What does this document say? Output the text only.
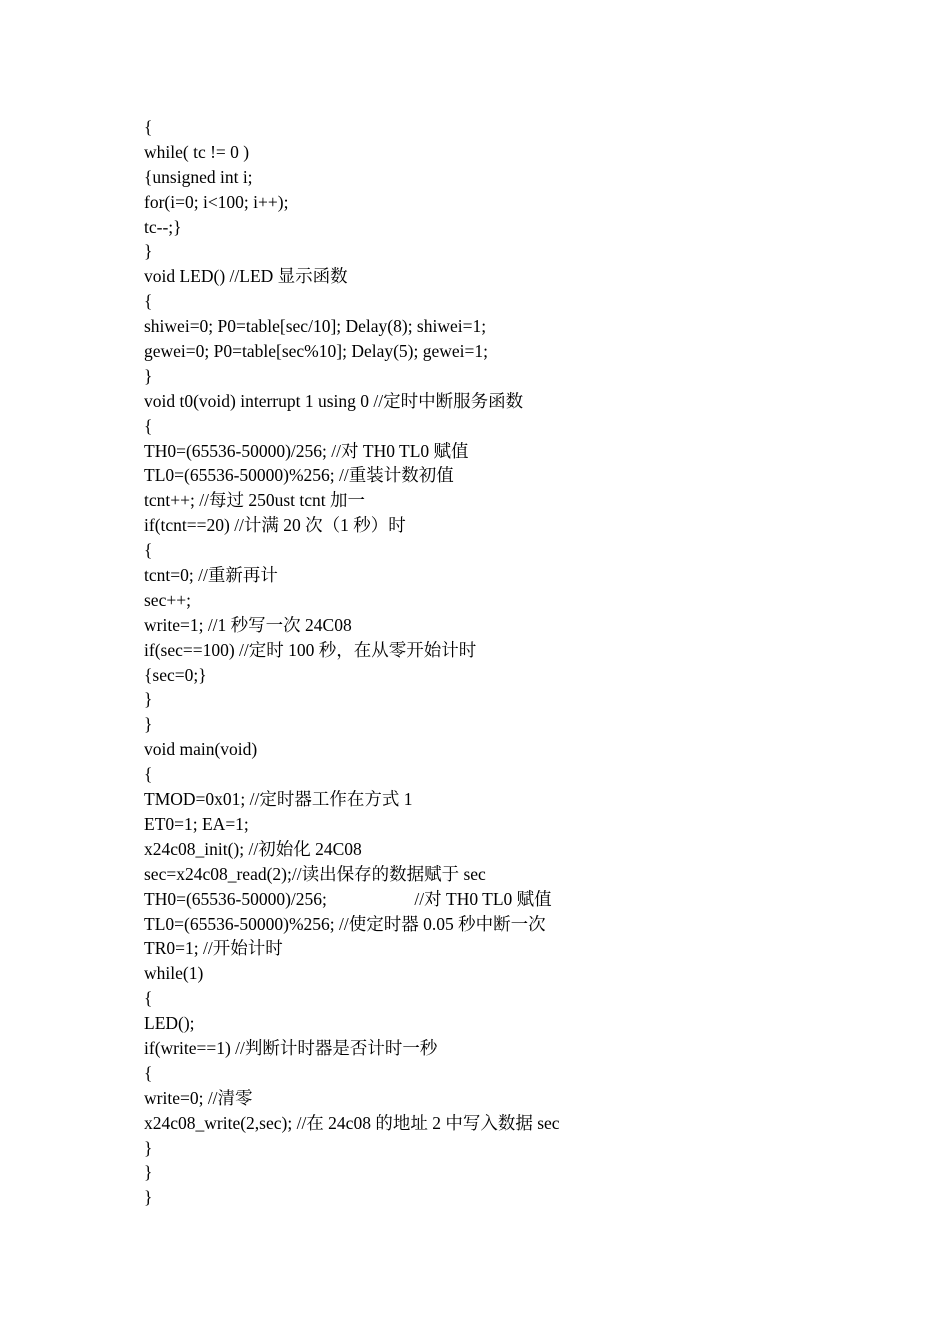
{
while( tc != 0 )
{unsigned int i;
for(i=0; i<100; i++);
tc--;}
}
void LED() //LED 显示函数
{
shiwei=0; P0=table[sec/10]; Delay(8); shiwei=1;
gewei=0; P0=table[sec%10]; Delay(5); gewei=1;
}
void t0(void) interrupt 1 using 0 //定时中断服务函数
{
TH0=(65536-50000)/256; //对 TH0 TL0 赋值
TL0=(65536-50000)%256; //重装计数初值
tcnt++; //每过 250ust tcnt 加一
if(tcnt==20) //计满 20 次（1 秒）时
{
tcnt=0; //重新再计
sec++;
write=1; //1 秒写一次 24C08
if(sec==100) //定时 100 秒，在从零开始计时
{sec=0;}
}
}
void main(void)
{
TMOD=0x01; //定时器工作在方式 1
ET0=1; EA=1;
x24c08_init(); //初始化 24C08
sec=x24c08_read(2);//读出保存的数据赋于 sec
TH0=(65536-50000)/256;                    //对 TH0 TL0 赋值
TL0=(65536-50000)%256; //使定时器 0.05 秒中断一次
TR0=1; //开始计时
while(1)
{
LED();
if(write==1) //判断计时器是否计时一秒
{
write=0; //清零
x24c08_write(2,sec); //在 24c08 的地址 2 中写入数据 sec
}
}
}
